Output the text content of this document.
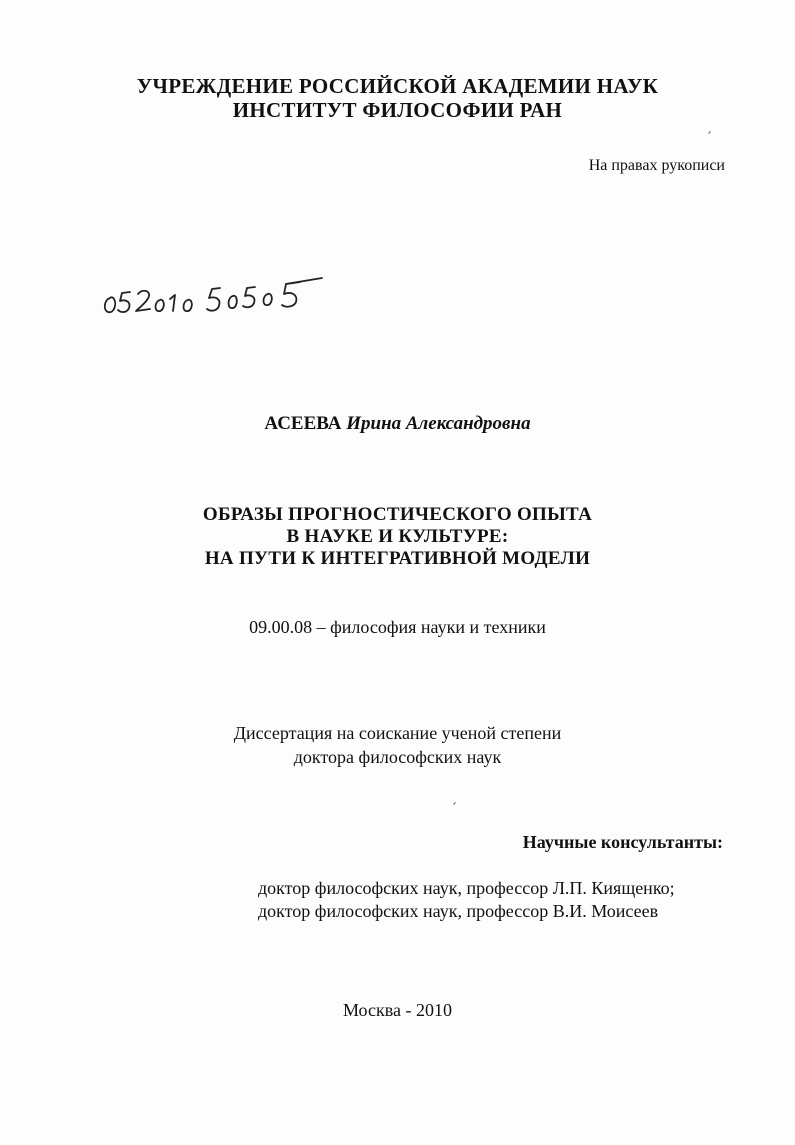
УЧРЕЖДЕНИЕ РОССИЙСКОЙ АКАДЕМИИ НАУК
ИНСТИТУТ ФИЛОСОФИИ РАН
На правах рукописи
АСЕЕВА Ирина Александровна
ОБРАЗЫ ПРОГНОСТИЧЕСКОГО ОПЫТА
В НАУКЕ И КУЛЬТУРЕ:
НА ПУТИ К ИНТЕГРАТИВНОЙ МОДЕЛИ
09.00.08 – философия науки и техники
Диссертация на соискание ученой степени
доктора философских наук
Научные консультанты:
доктор философских наук, профессор Л.П. Киященко;
доктор философских наук, профессор В.И. Моисеев
Москва - 2010
